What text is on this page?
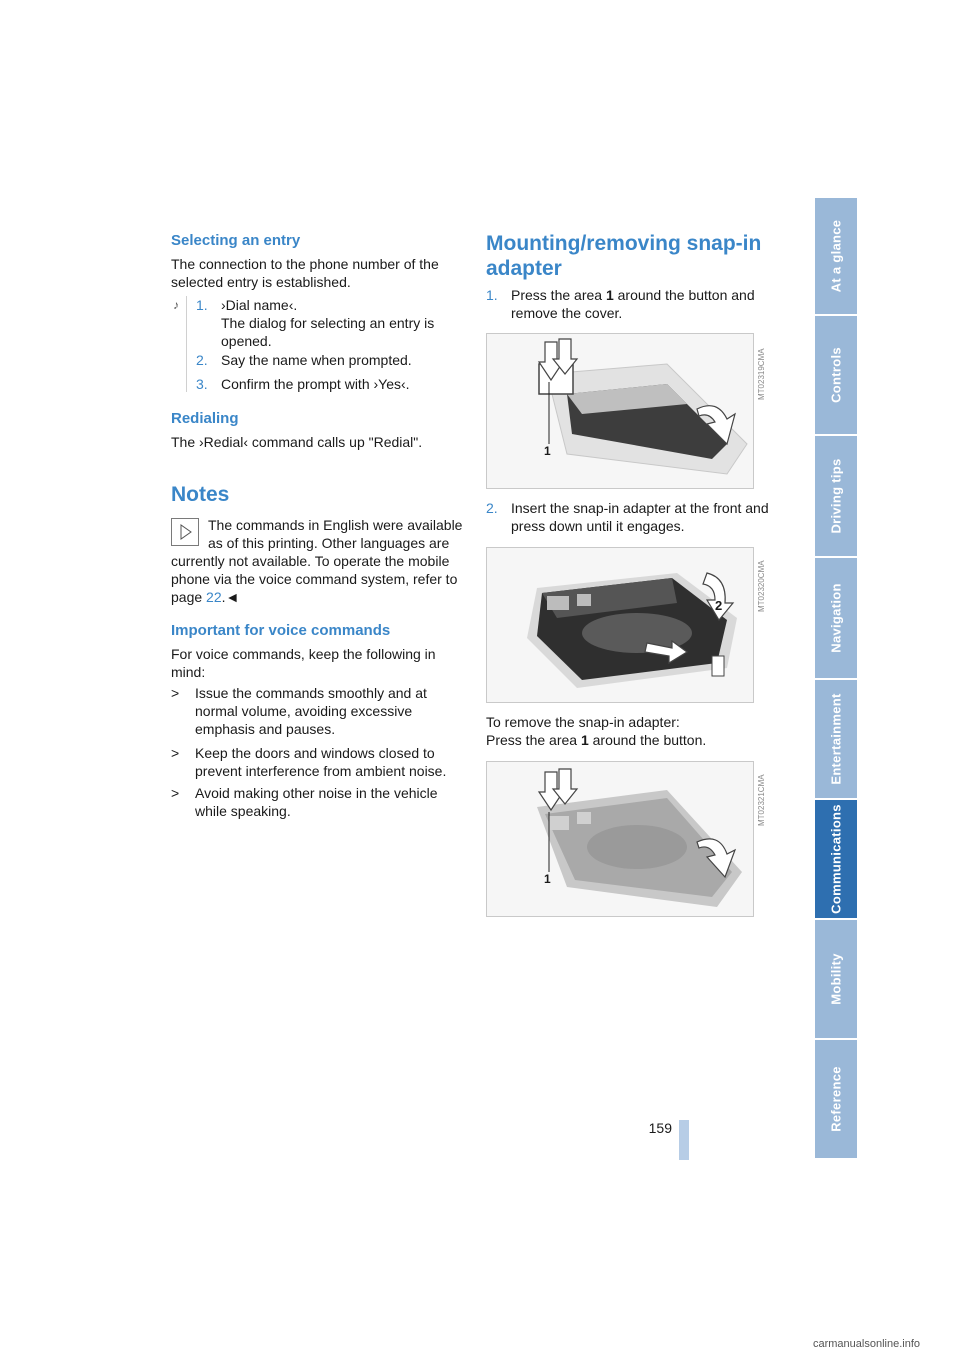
Selecting an entry

The connection to the phone number of the selected entry is established.

♪ 1. ›Dial name‹.
The dialog for selecting an entry is opened.
2. Say the name when prompted.
3. Confirm the prompt with ›Yes‹.
Redialing

The ›Redial‹ command calls up "Redial".

Notes

The commands in English were available

as of this printing. Other languages are

currently not available. To operate the mobile phone via the voice command system, refer to

page 22.◄

Important for voice commands

For voice commands, keep the following in mind:

> Issue the commands smoothly and at normal volume, avoiding excessive emphasis and pauses.
> Keep the doors and windows closed to prevent interference from ambient noise.
> Avoid making other noise in the vehicle while speaking.
Mounting/removing snap-in adapter
1. Press the area 1 around the button and remove the cover.
1
MT02319CMA
2. Insert the snap-in adapter at the front and press down until it engages.
2	MT02320CMA

To remove the snap-in adapter:

Press the area 1 around the button.

1
MT02321CMA
At a glance
Controls
Driving tips
Navigation
Entertainment
Communications
Mobility
Reference
159
carmanualsonline.info
